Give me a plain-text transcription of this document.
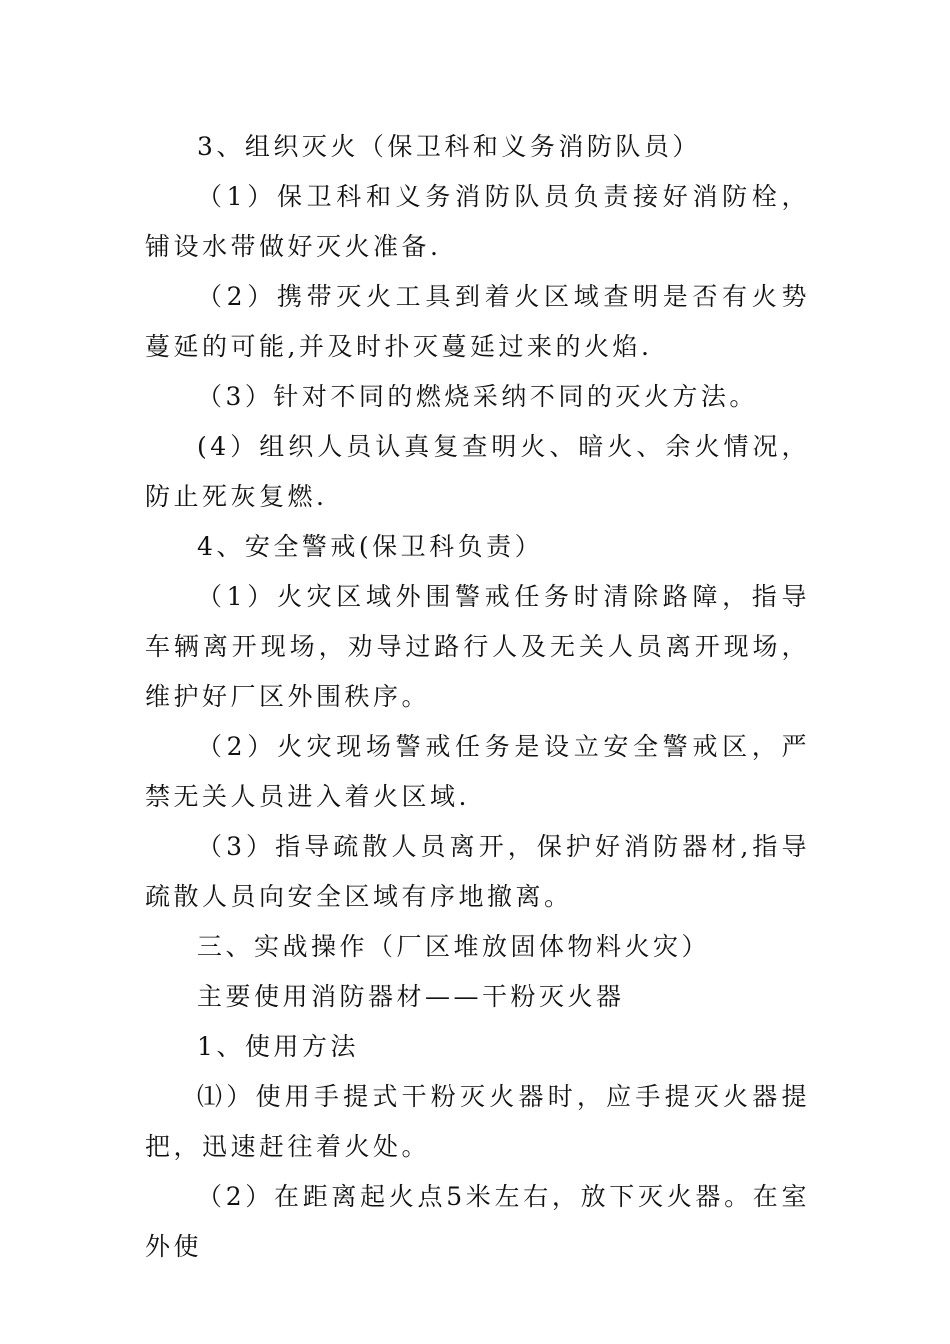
3、组织灭火（保卫科和义务消防队员）

（1）保卫科和义务消防队员负责接好消防栓，铺设水带做好灭火准备.

（2）携带灭火工具到着火区域查明是否有火势蔓延的可能,并及时扑灭蔓延过来的火焰.

（3）针对不同的燃烧采纳不同的灭火方法。

(4）组织人员认真复查明火、暗火、余火情况，防止死灰复燃.

4、安全警戒(保卫科负责）

（1）火灾区域外围警戒任务时清除路障，指导车辆离开现场，劝导过路行人及无关人员离开现场，维护好厂区外围秩序。

（2）火灾现场警戒任务是设立安全警戒区，严禁无关人员进入着火区域.

（3）指导疏散人员离开，保护好消防器材,指导疏散人员向安全区域有序地撤离。

三、实战操作（厂区堆放固体物料火灾）

主要使用消防器材——干粉灭火器

1、使用方法

⑴）使用手提式干粉灭火器时，应手提灭火器提把，迅速赶往着火处。

（2）在距离起火点5米左右，放下灭火器。在室外使
